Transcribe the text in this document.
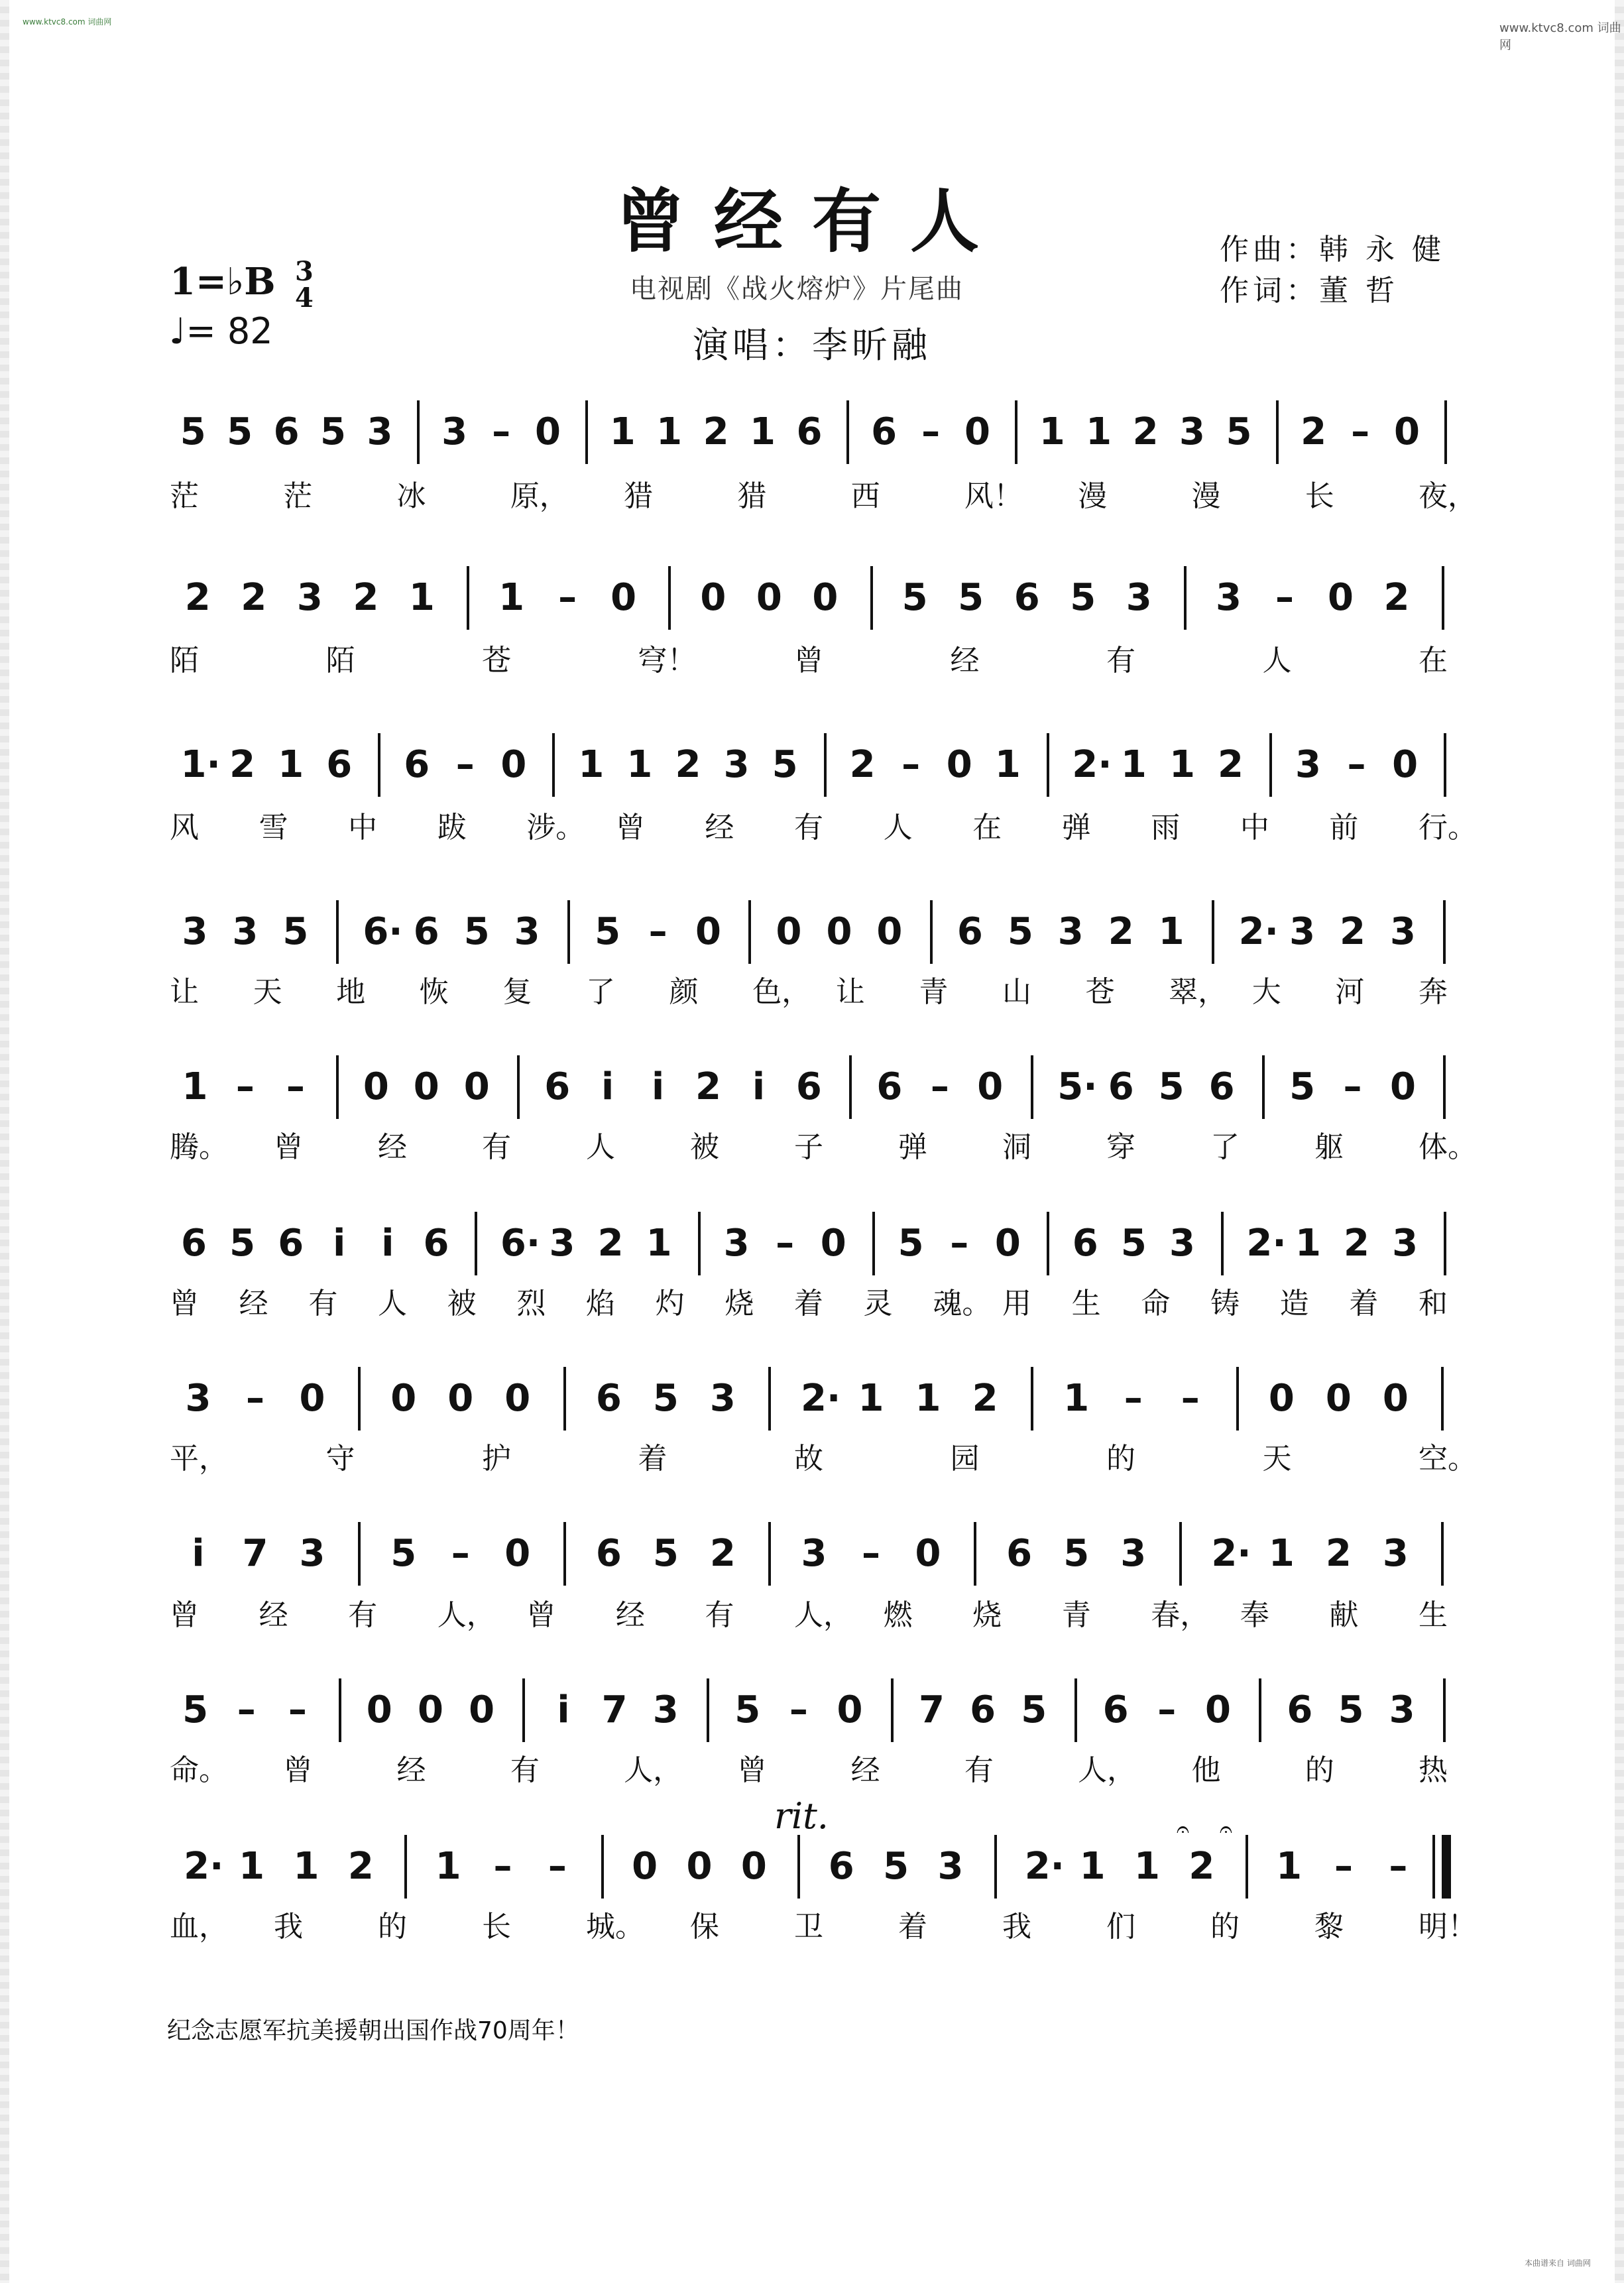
www.ktvc8.com 词曲网	www.ktvc8.com 词曲网
曾经有人
电视剧《战火熔炉》片尾曲
演唱：李昕融
作曲：韩 永 健
作词：董 哲
1=♭B 3
4
♩= 82
5 5 6 5 3 3 – 0 1 1 2 1 6 6 – 0 1 1 2 3 5 2 – 0
茫	茫	冰	原， 猎	猎	西	风！ 漫	漫	长	夜，
2 2 3 2 1 1 – 0 0 0 0 5 5 6 5 3 3 – 0 2
陌	陌	苍	穹！	曾	经	有	人	在
1· 2 1 6 6 – 0 1 1 2 3 5 2 – 0 1 2· 1 1 2 3 – 0
风 雪 中 跋 涉。 曾 经 有 人 在 弹 雨 中 前 行。
3 3 5 6· 6 5 3 5 – 0 0 0 0 6 5 3 2 1 2· 3 2 3
让 天 地 恢 复 了 颜 色， 让 青 山 苍 翠， 大 河 奔
1 – – 0 0 0 6 i i 2 i 6 6 – 0 5· 6 5 6 5 – 0
腾。 曾	经	有	人	被	子	弹	洞	穿	了	躯	体。
6 5 6 i i 6 6· 3 2 1 3 – 0 5 – 0 6 5 3 2· 1 2 3
曾 经 有 人 被 烈 焰 灼 烧 着 灵 魂。 用 生 命 铸 造 着 和
3 – 0 0 0 0 6 5 3 2· 1 1 2 1 – – 0 0 0
平，	守	护	着	故	园	的	天	空。
i 7 3 5 – 0 6 5 2 3 – 0 6 5 3 2· 1 2 3
曾 经 有 人， 曾 经 有 人， 燃 烧 青 春， 奉 献 生
5 – – 0 0 0 i 7 3 5 – 0 7 6 5 6 – 0 6 5 3
命。 曾	经	有	人， 曾	经	有	人， 他	的	热
2· 1 1 2 1 – – 0 0 0 6 5 3 2· 1 1 2 1 – –
血， 我	的	长	城。 保	卫	着	我	们	的	黎	明！
rit.	𝄐 𝄐
纪念志愿军抗美援朝出国作战70周年！
本曲谱来自 词曲网
